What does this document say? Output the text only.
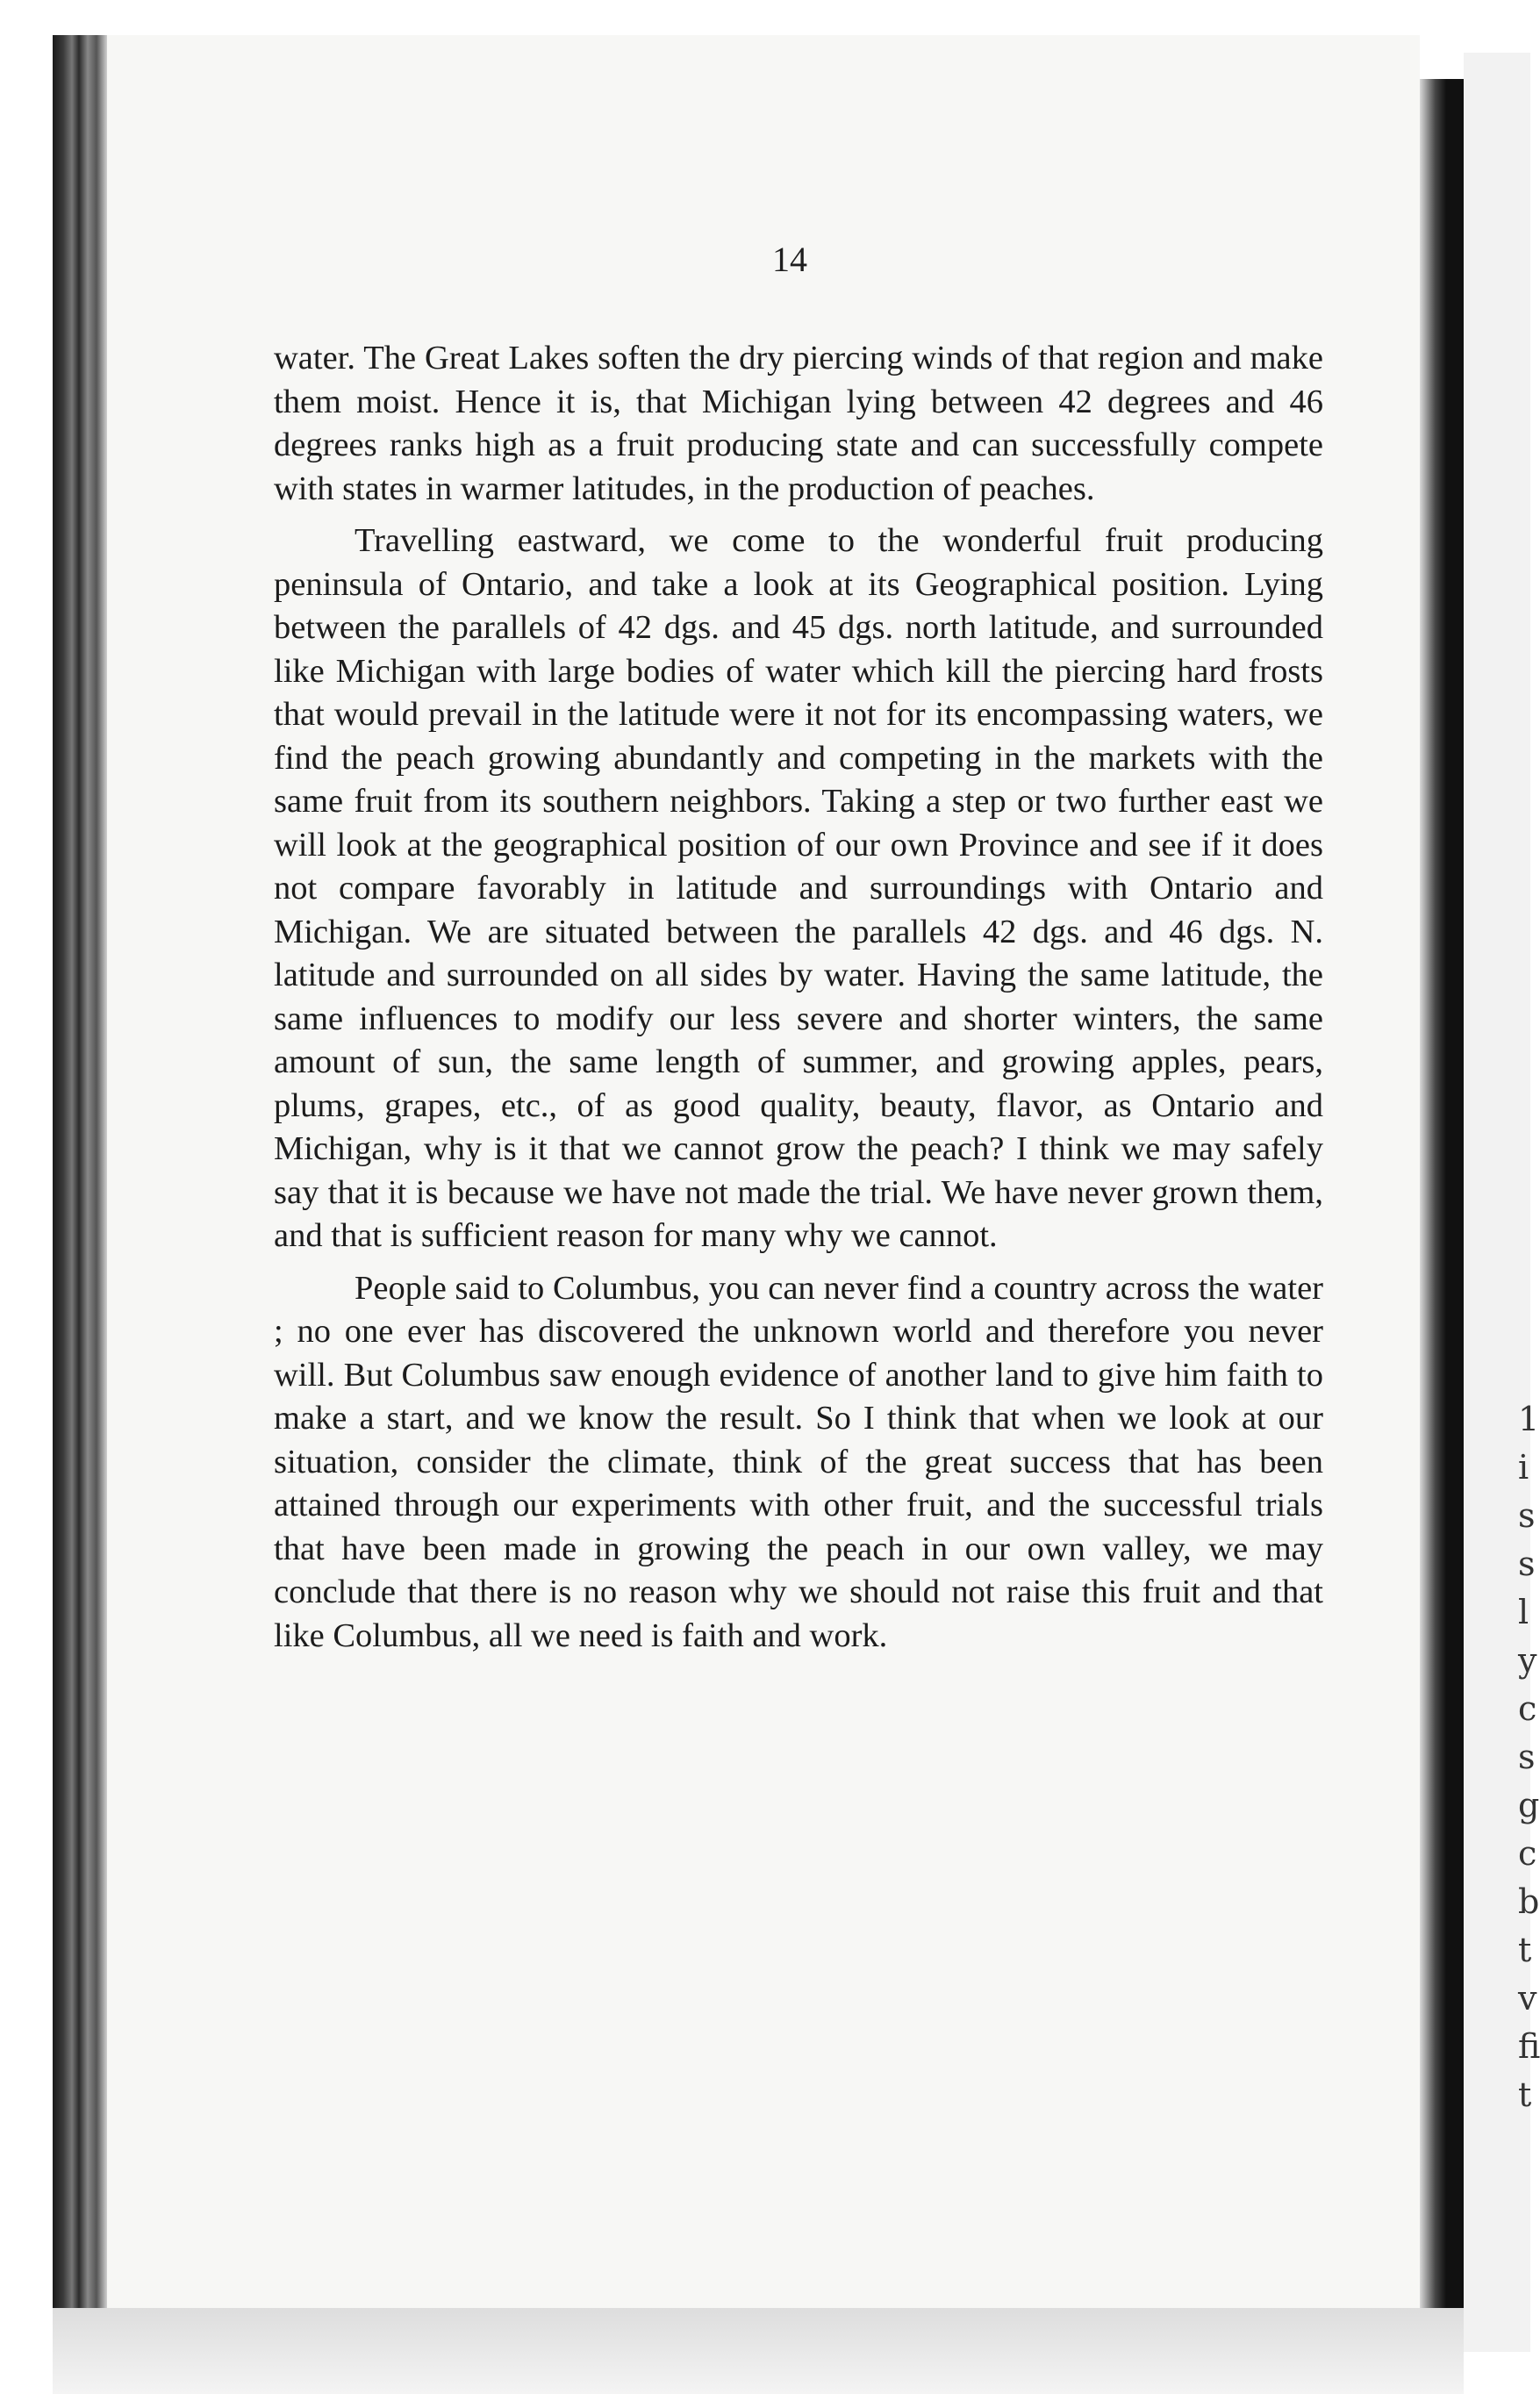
14

water. The Great Lakes soften the dry piercing winds of that region and make them moist. Hence it is, that Michigan lying between 42 degrees and 46 degrees ranks high as a fruit producing state and can successfully compete with states in warmer latitudes, in the production of peaches.

Travelling eastward, we come to the wonderful fruit producing peninsula of Ontario, and take a look at its Geographical position. Lying between the parallels of 42 dgs. and 45 dgs. north latitude, and surrounded like Michigan with large bodies of water which kill the piercing hard frosts that would prevail in the latitude were it not for its encompassing waters, we find the peach growing abundantly and competing in the markets with the same fruit from its southern neighbors. Taking a step or two further east we will look at the geographical position of our own Province and see if it does not compare favorably in latitude and surroundings with Ontario and Michigan. We are situated between the parallels 42 dgs. and 46 dgs. N. latitude and surrounded on all sides by water. Having the same latitude, the same influences to modify our less severe and shorter winters, the same amount of sun, the same length of summer, and growing apples, pears, plums, grapes, etc., of as good quality, beauty, flavor, as Ontario and Michigan, why is it that we cannot grow the peach? I think we may safely say that it is because we have not made the trial. We have never grown them, and that is sufficient reason for many why we cannot.

People said to Columbus, you can never find a country across the water ; no one ever has discovered the unknown world and therefore you never will. But Columbus saw enough evidence of another land to give him faith to make a start, and we know the result. So I think that when we look at our situation, consider the climate, think of the great success that has been attained through our experiments with other fruit, and the successful trials that have been made in growing the peach in our own valley, we may conclude that there is no reason why we should not raise this fruit and that like Columbus, all we need is faith and work.

1 i s s l y c s g c b t v fi t
